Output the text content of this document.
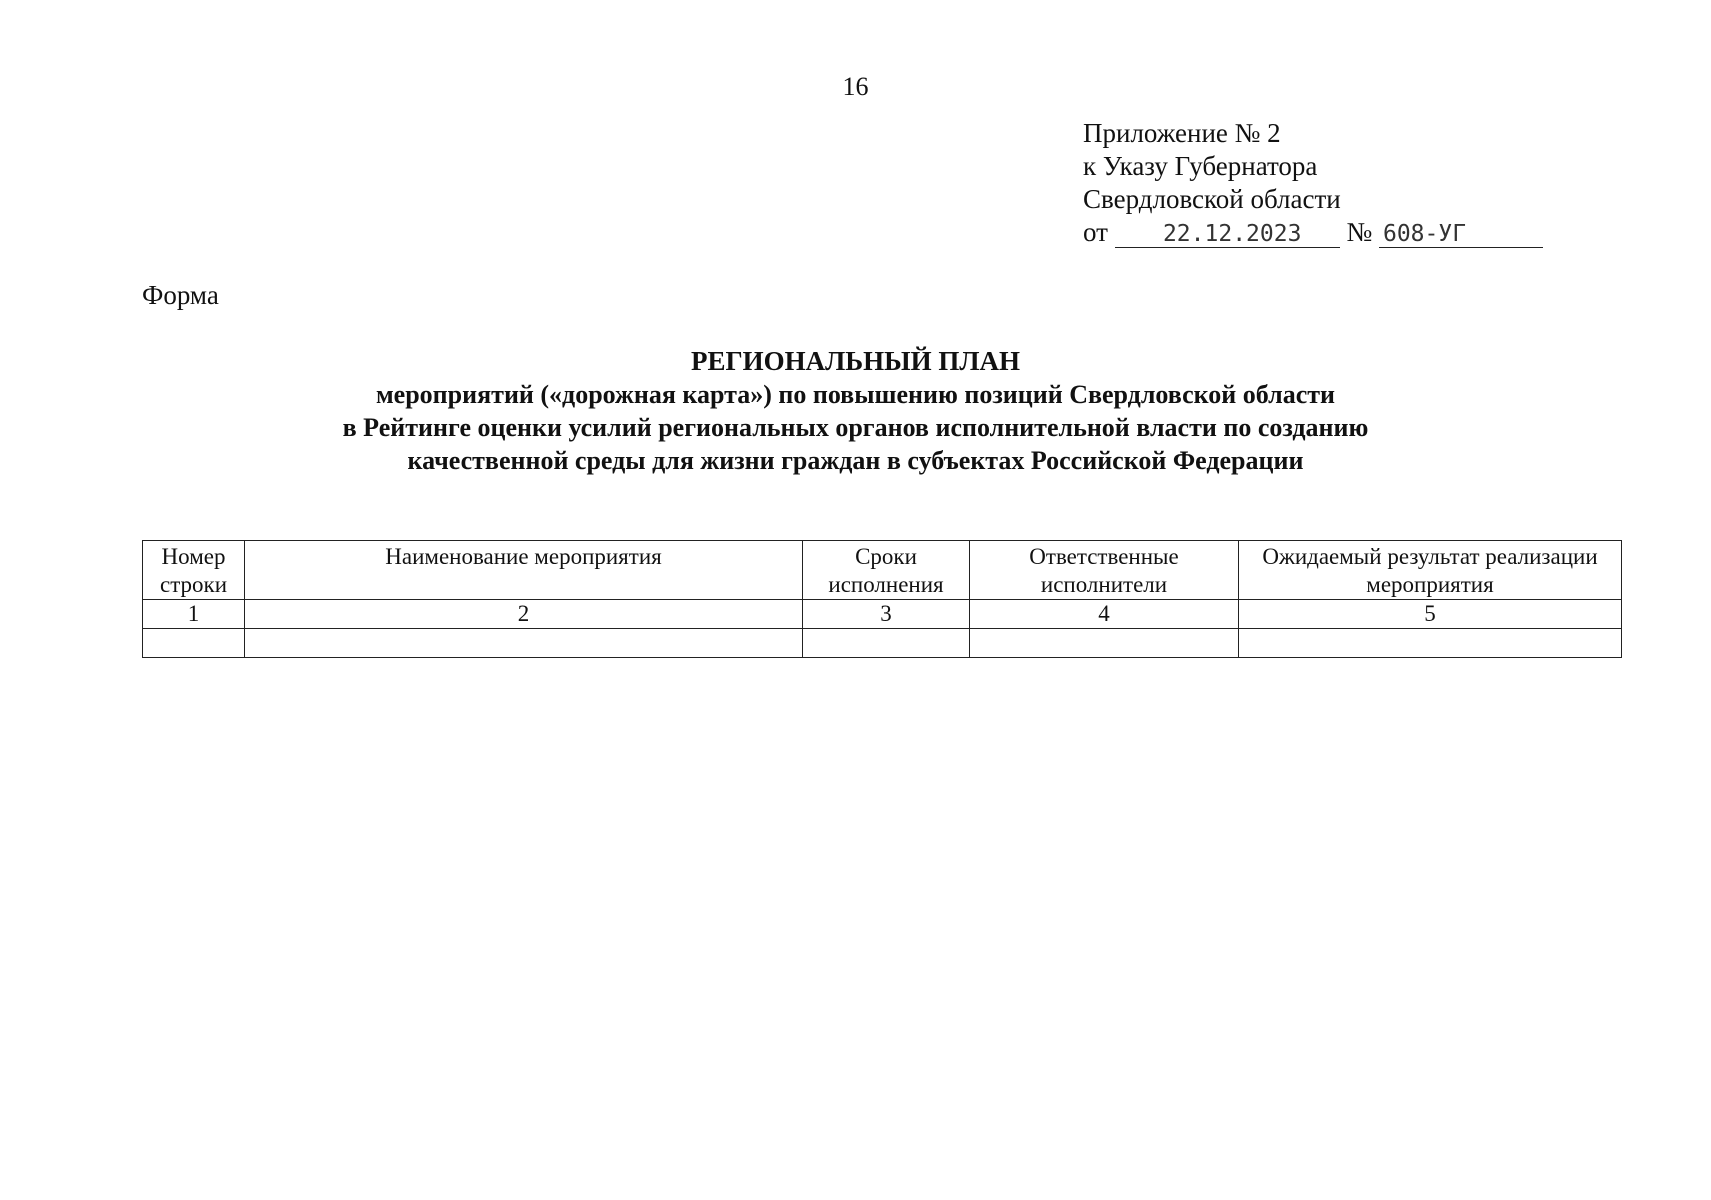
16
Приложение № 2
к Указу Губернатора
Свердловской области
от 22.12.2023 № 608-УГ
Форма
РЕГИОНАЛЬНЫЙ ПЛАН
мероприятий («дорожная карта») по повышению позиций Свердловской области
в Рейтинге оценки усилий региональных органов исполнительной власти по созданию
качественной среды для жизни граждан в субъектах Российской Федерации
Номер строки	Наименование мероприятия	Сроки исполнения	Ответственные исполнители	Ожидаемый результат реализации мероприятия
1	2	3	4	5
